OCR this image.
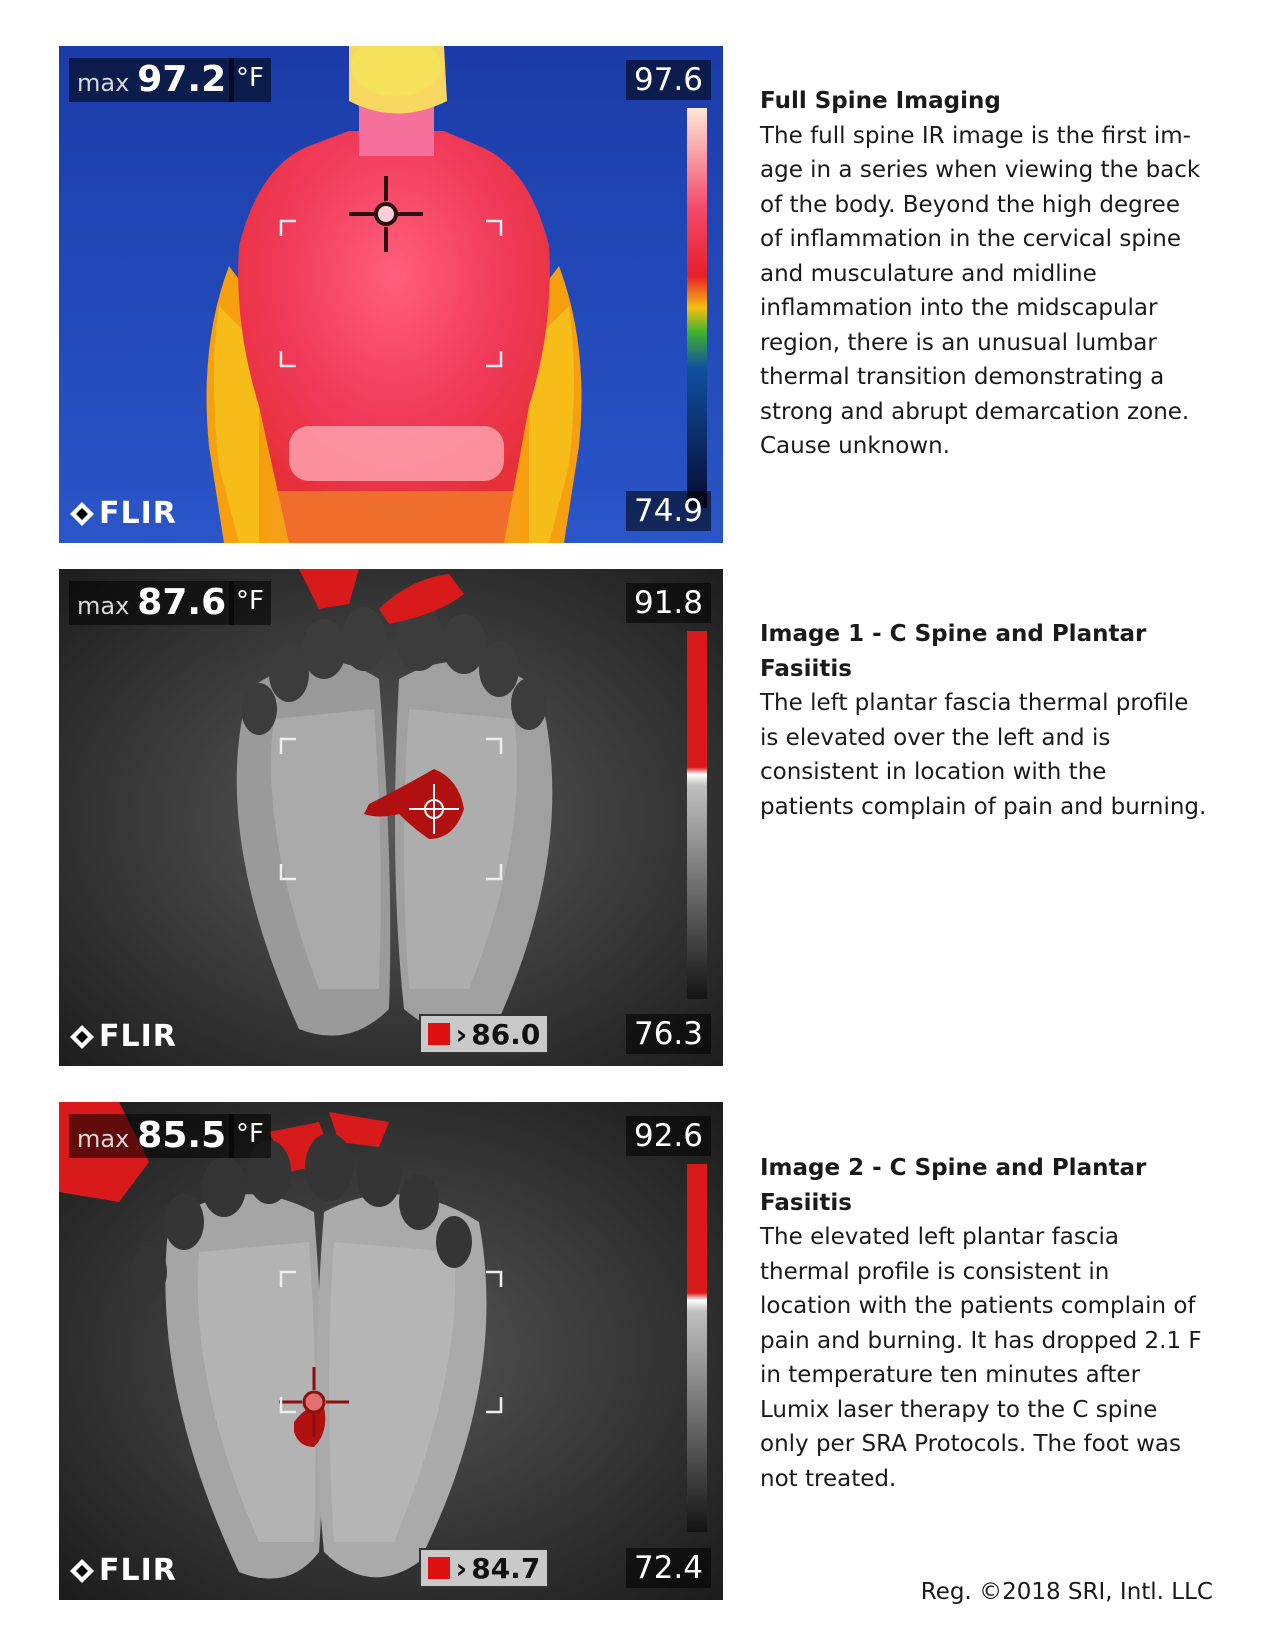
max 97.2 °F	97.6
74.9
FLIR
max 87.6 °F	91.8
76.3
› 86.0
FLIR
max 85.5 °F	92.6
72.4
› 84.7
FLIR
Full Spine Imaging

The full spine IR image is the first im-

age in a series when viewing the back

of the body. Beyond the high degree

of inflammation in the cervical spine

and musculature and midline

inflammation into the midscapular

region, there is an unusual lumbar

thermal transition demonstrating a

strong and abrupt demarcation zone.

Cause unknown.

Image 1 - C Spine and Plantar Fasiitis

The left plantar fascia thermal profile

is elevated over the left and is

consistent in location with the

patients complain of pain and burning.

Image 2 - C Spine and Plantar Fasiitis

The elevated left plantar fascia

thermal profile is consistent in

location with the patients complain of

pain and burning. It has dropped 2.1 F

in temperature ten minutes after

Lumix laser therapy to the C spine

only per SRA Protocols. The foot was

not treated.

Reg. ©2018 SRI, Intl. LLC
